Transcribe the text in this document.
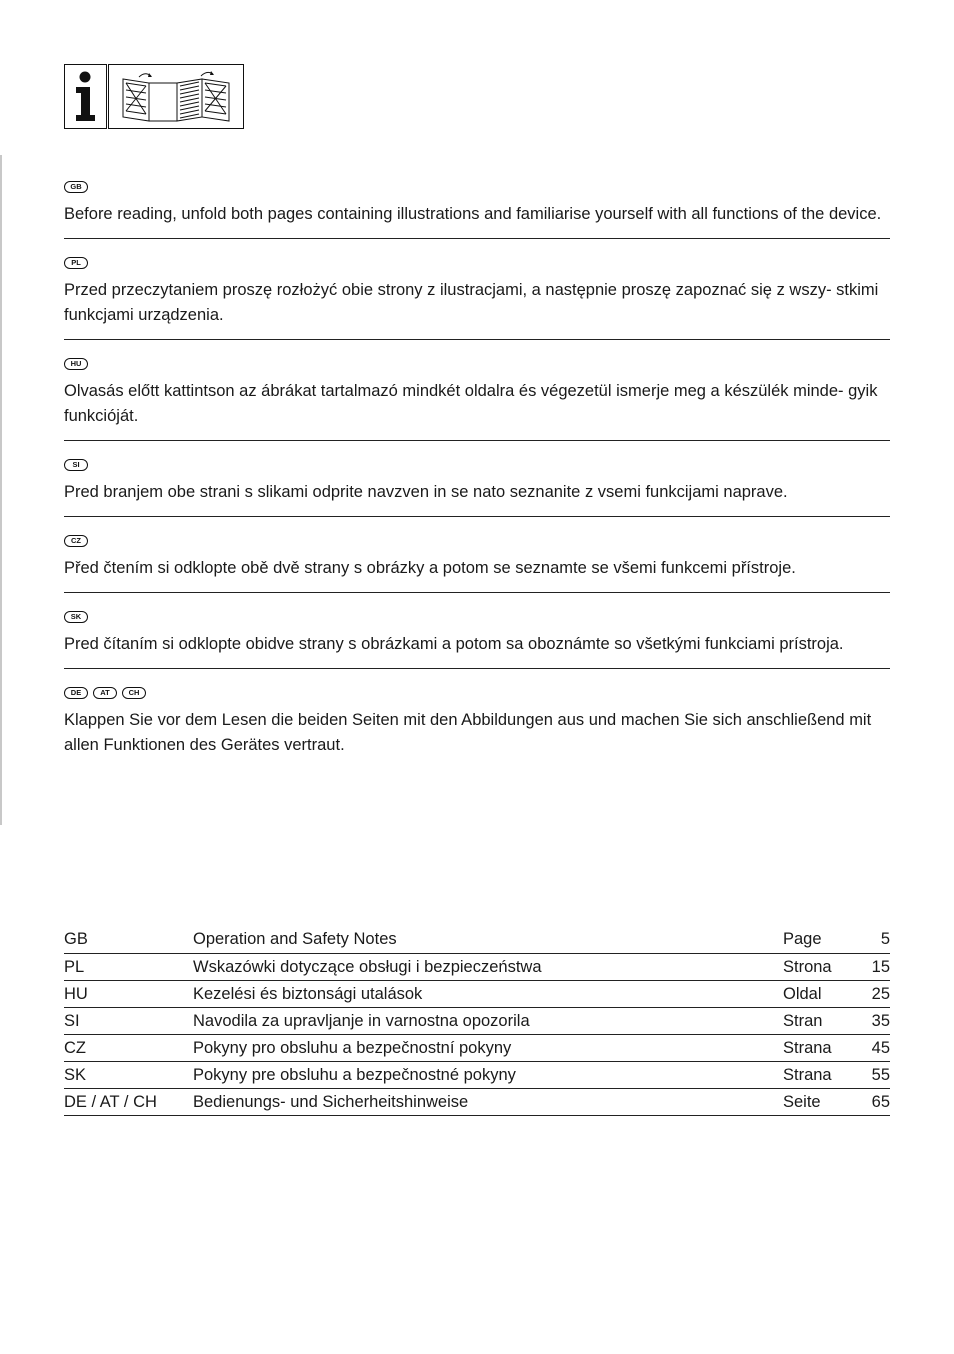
GB
Before reading, unfold both pages containing illustrations and familiarise yourself with all functions of the device.
PL
Przed przeczytaniem proszę rozłożyć obie strony z ilustracjami, a następnie proszę zapoznać się z wszy- stkimi funkcjami urządzenia.
HU
Olvasás előtt kattintson az ábrákat tartalmazó mindkét oldalra és végezetül ismerje meg a készülék minde- gyik funkcióját.
SI
Pred branjem obe strani s slikami odprite navzven in se nato seznanite z vsemi funkcijami naprave.
CZ
Před čtením si odklopte obě dvě strany s obrázky a potom se seznamte se všemi funkcemi přístroje.
SK
Pred čítaním si odklopte obidve strany s obrázkami a potom sa oboznámte so všetkými funkciami prístroja.
DE	AT	CH
Klappen Sie vor dem Lesen die beiden Seiten mit den Abbildungen aus und machen Sie sich anschließend mit allen Funktionen des Gerätes vertraut.
GB	Operation and Safety Notes	Page	5
PL	Wskazówki dotyczące obsługi i bezpieczeństwa	Strona	15
HU	Kezelési és biztonsági utalások	Oldal	25
SI	Navodila za upravljanje in varnostna opozorila	Stran	35
CZ	Pokyny pro obsluhu a bezpečnostní pokyny	Strana	45
SK	Pokyny pre obsluhu a bezpečnostné pokyny	Strana	55
DE / AT / CH	Bedienungs- und Sicherheitshinweise	Seite	65
